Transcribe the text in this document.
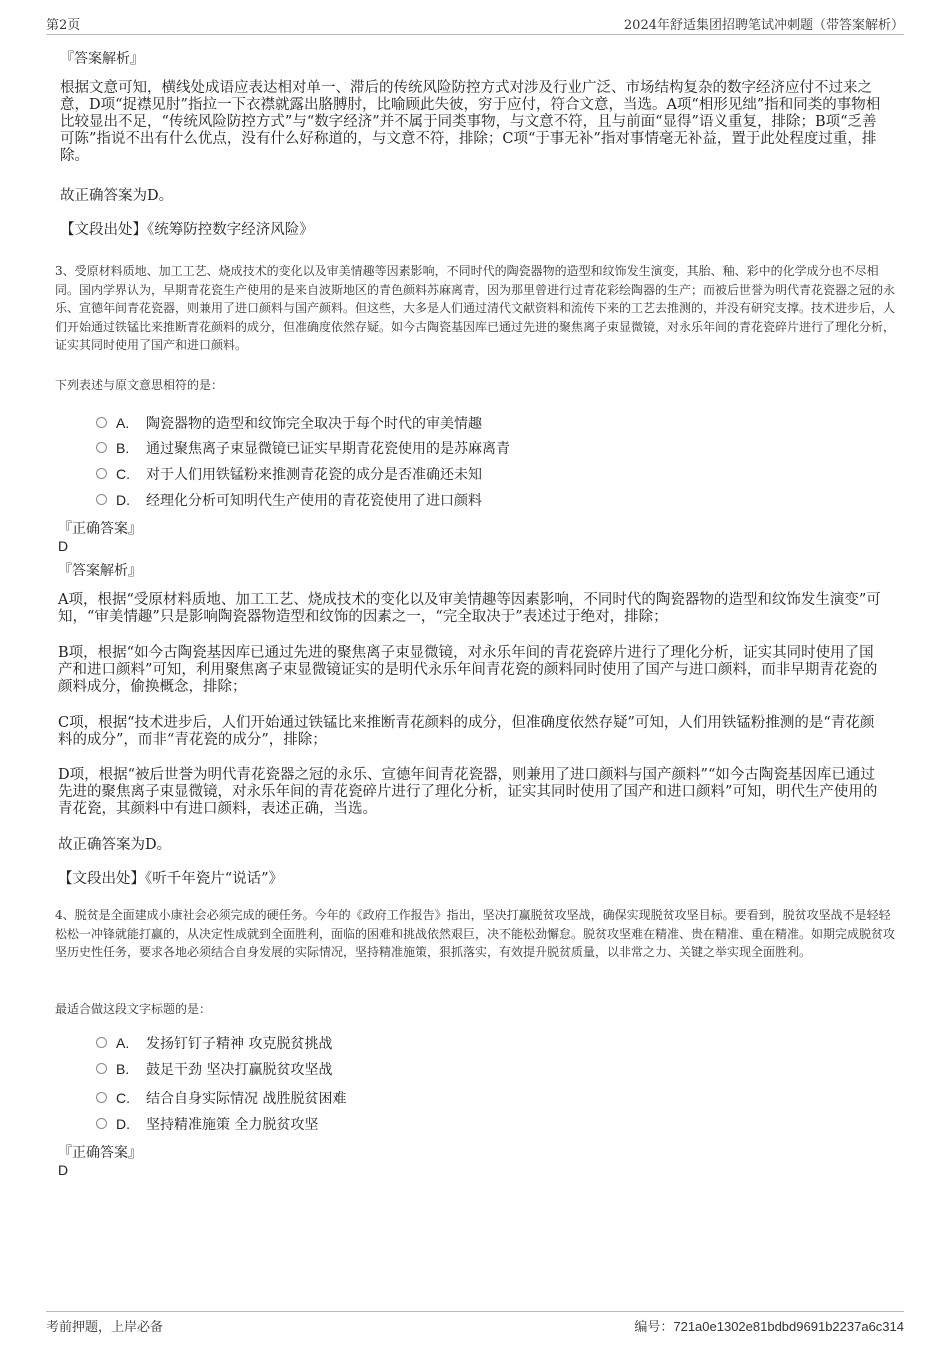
第2页	2024年舒适集团招聘笔试冲刺题（带答案解析）
『答案解析』
根据文意可知，横线处成语应表达相对单一、滞后的传统风险防控方式对涉及行业广泛、市场结构复杂的数字经济应付不过来之意，D项“捉襟见肘”指拉一下衣襟就露出胳膊肘，比喻顾此失彼，穷于应付，符合文意，当选。A项“相形见绌”指和同类的事物相比较显出不足，“传统风险防控方式”与“数字经济”并不属于同类事物，与文意不符，且与前面“显得”语义重复，排除；B项“乏善可陈”指说不出有什么优点，没有什么好称道的，与文意不符，排除；C项“于事无补”指对事情毫无补益，置于此处程度过重，排除。
故正确答案为D。
【文段出处】《统筹防控数字经济风险》
3、受原材料质地、加工工艺、烧成技术的变化以及审美情趣等因素影响，不同时代的陶瓷器物的造型和纹饰发生演变，其胎、釉、彩中的化学成分也不尽相同。国内学界认为，早期青花瓷生产使用的是来自波斯地区的青色颜料苏麻离青，因为那里曾进行过青花彩绘陶器的生产；而被后世誉为明代青花瓷器之冠的永乐、宣德年间青花瓷器，则兼用了进口颜料与国产颜料。但这些，大多是人们通过清代文献资料和流传下来的工艺去推测的，并没有研究支撑。技术进步后，人们开始通过铁锰比来推断青花颜料的成分，但准确度依然存疑。如今古陶瓷基因库已通过先进的聚焦离子束显微镜，对永乐年间的青花瓷碎片进行了理化分析，证实其同时使用了国产和进口颜料。
下列表述与原文意思相符的是：
A. 陶瓷器物的造型和纹饰完全取决于每个时代的审美情趣
B. 通过聚焦离子束显微镜已证实早期青花瓷使用的是苏麻离青
C. 对于人们用铁锰粉来推测青花瓷的成分是否准确还未知
D. 经理化分析可知明代生产使用的青花瓷使用了进口颜料
『正确答案』
D
『答案解析』
A项，根据“受原材料质地、加工工艺、烧成技术的变化以及审美情趣等因素影响，不同时代的陶瓷器物的造型和纹饰发生演变”可知，“审美情趣”只是影响陶瓷器物造型和纹饰的因素之一，“完全取决于”表述过于绝对，排除；
B项，根据“如今古陶瓷基因库已通过先进的聚焦离子束显微镜，对永乐年间的青花瓷碎片进行了理化分析，证实其同时使用了国产和进口颜料”可知，利用聚焦离子束显微镜证实的是明代永乐年间青花瓷的颜料同时使用了国产与进口颜料，而非早期青花瓷的颜料成分，偷换概念，排除；
C项，根据“技术进步后，人们开始通过铁锰比来推断青花颜料的成分，但准确度依然存疑”可知，人们用铁锰粉推测的是“青花颜料的成分”，而非“青花瓷的成分”，排除；
D项，根据“被后世誉为明代青花瓷器之冠的永乐、宣德年间青花瓷器，则兼用了进口颜料与国产颜料”“如今古陶瓷基因库已通过先进的聚焦离子束显微镜，对永乐年间的青花瓷碎片进行了理化分析，证实其同时使用了国产和进口颜料”可知，明代生产使用的青花瓷，其颜料中有进口颜料，表述正确，当选。
故正确答案为D。
【文段出处】《听千年瓷片“说话”》
4、脱贫是全面建成小康社会必须完成的硬任务。今年的《政府工作报告》指出，坚决打赢脱贫攻坚战，确保实现脱贫攻坚目标。要看到，脱贫攻坚战不是轻轻松松一冲锋就能打赢的，从决定性成就到全面胜利，面临的困难和挑战依然艰巨，决不能松劲懈怠。脱贫攻坚难在精准、贵在精准、重在精准。如期完成脱贫攻坚历史性任务，要求各地必须结合自身发展的实际情况，坚持精准施策，狠抓落实，有效提升脱贫质量，以非常之力、关键之举实现全面胜利。
最适合做这段文字标题的是：
A. 发扬钉钉子精神 攻克脱贫挑战
B. 鼓足干劲 坚决打赢脱贫攻坚战
C. 结合自身实际情况 战胜脱贫困难
D. 坚持精准施策 全力脱贫攻坚
『正确答案』
D
考前押题，上岸必备	编号：721a0e1302e81bdbd9691b2237a6c314
